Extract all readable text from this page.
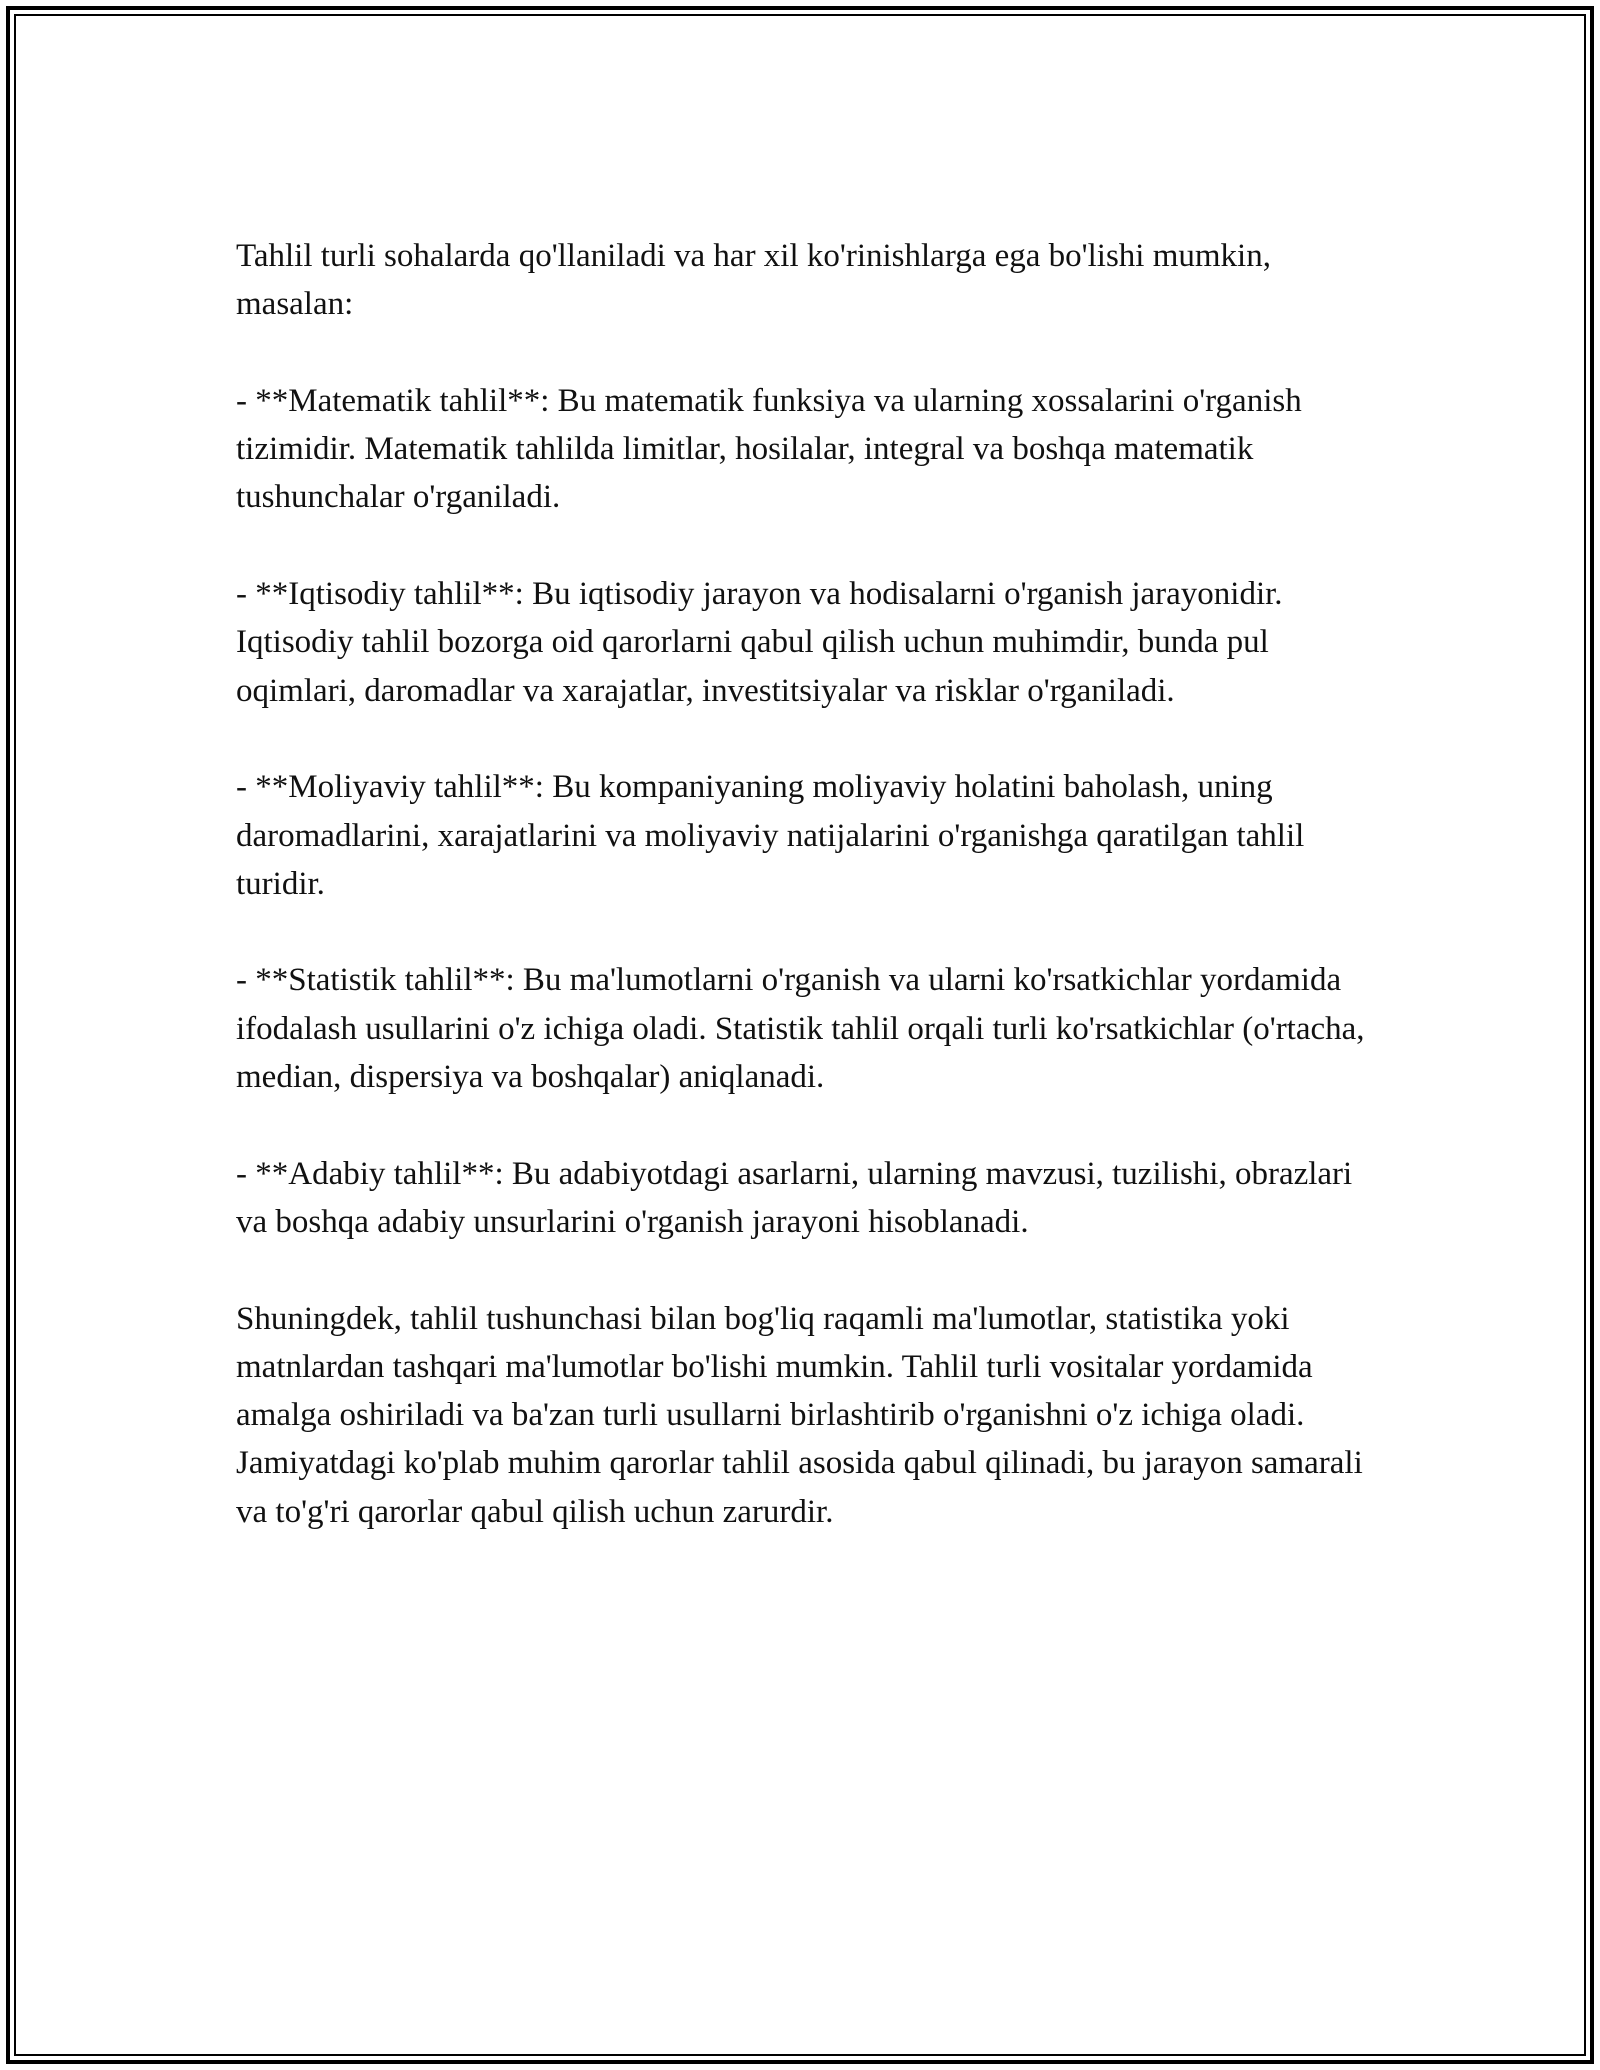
Tahlil turli sohalarda qo'llaniladi va har xil ko'rinishlarga ega bo'lishi mumkin, masalan:

- **Matematik tahlil**: Bu matematik funksiya va ularning xossalarini o'rganish tizimidir. Matematik tahlilda limitlar, hosilalar, integral va boshqa matematik tushunchalar o'rganiladi.

- **Iqtisodiy tahlil**: Bu iqtisodiy jarayon va hodisalarni o'rganish jarayonidir. Iqtisodiy tahlil bozorga oid qarorlarni qabul qilish uchun muhimdir, bunda pul oqimlari, daromadlar va xarajatlar, investitsiyalar va risklar o'rganiladi.

- **Moliyaviy tahlil**: Bu kompaniyaning moliyaviy holatini baholash, uning daromadlarini, xarajatlarini va moliyaviy natijalarini o'rganishga qaratilgan tahlil turidir.

- **Statistik tahlil**: Bu ma'lumotlarni o'rganish va ularni ko'rsatkichlar yordamida ifodalash usullarini o'z ichiga oladi. Statistik tahlil orqali turli ko'rsatkichlar (o'rtacha, median, dispersiya va boshqalar) aniqlanadi.

- **Adabiy tahlil**: Bu adabiyotdagi asarlarni, ularning mavzusi, tuzilishi, obrazlari va boshqa adabiy unsurlarini o'rganish jarayoni hisoblanadi.

Shuningdek, tahlil tushunchasi bilan bog'liq raqamli ma'lumotlar, statistika yoki matnlardan tashqari ma'lumotlar bo'lishi mumkin. Tahlil turli vositalar yordamida amalga oshiriladi va ba'zan turli usullarni birlashtirib o'rganishni o'z ichiga oladi. Jamiyatdagi ko'plab muhim qarorlar tahlil asosida qabul qilinadi, bu jarayon samarali va to'g'ri qarorlar qabul qilish uchun zarurdir.
